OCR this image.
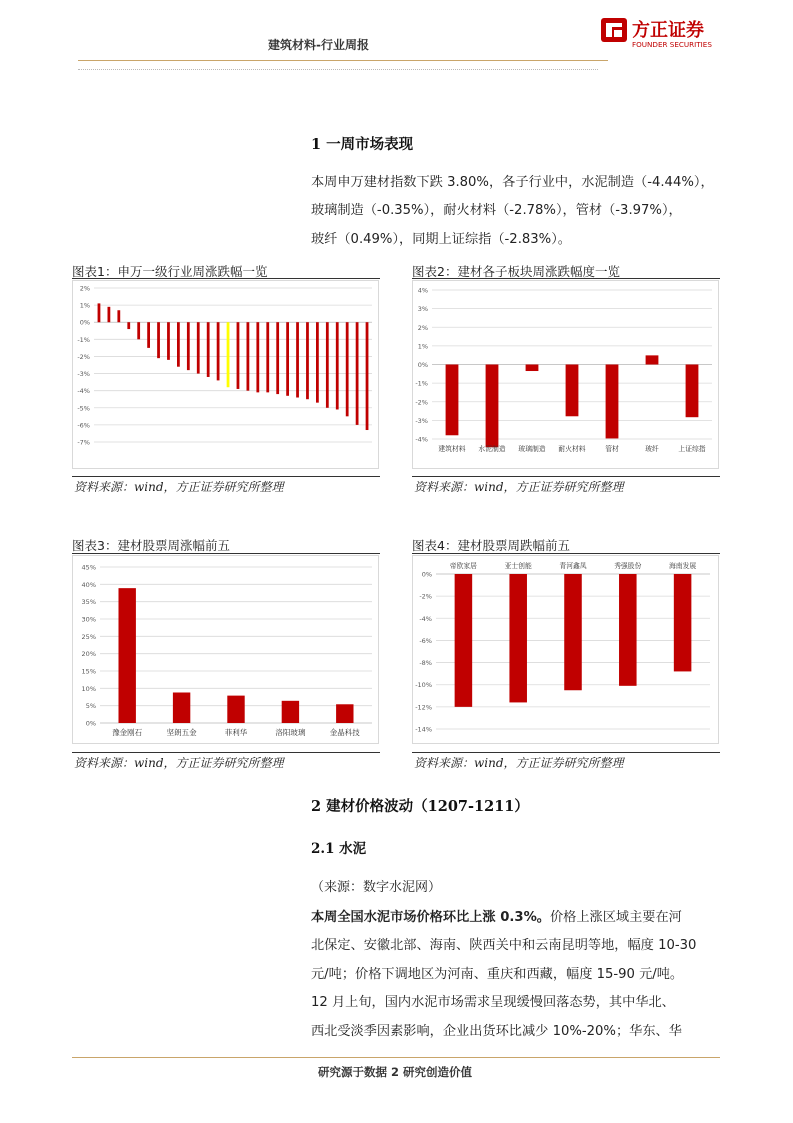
建筑材料-行业周报
方正证券
FOUNDER SECURITIES
1 一周市场表现
本周申万建材指数下跌 3.80%，各子行业中，水泥制造（-4.44%），
玻璃制造（-0.35%），耐火材料（-2.78%），管材（-3.97%），
玻纤（0.49%），同期上证综指（-2.83%）。
图表1：申万一级行业周涨跌幅一览
2%
1%
0%
-1%
-2%
-3%
-4%
-5%
-6%
-7%
资料来源：wind，方正证券研究所整理
图表2：建材各子板块周涨跌幅度一览
4%
3%
2%
1%
0%
-1%
-2%
-3%
-4%
建筑材料 水泥制造 玻璃制造 耐火材料	管材	玻纤	上证综指
资料来源：wind，方正证券研究所整理
图表3：建材股票周涨幅前五
45%
40%
35%
30%
25%
20%
15%
10%
5%
0%
豫金刚石	坚朗五金	菲利华	洛阳玻璃	金晶科技
资料来源：wind，方正证券研究所整理
图表4：建材股票周跌幅前五
0%
-2%
-4%
-6%
-8%
-10%
-12%
-14%
帝欧家居	亚士创能	青河鑫凤	秀强股份	海南发展
资料来源：wind，方正证券研究所整理
2 建材价格波动（1207-1211）
2.1 水泥
（来源：数字水泥网）
本周全国水泥市场价格环比上涨 0.3%。价格上涨区域主要在河
北保定、安徽北部、海南、陕西关中和云南昆明等地，幅度 10-30
元/吨；价格下调地区为河南、重庆和西藏，幅度 15-90 元/吨。
12 月上旬，国内水泥市场需求呈现缓慢回落态势，其中华北、
西北受淡季因素影响，企业出货环比减少 10%-20%；华东、华
研究源于数据 2 研究创造价值
